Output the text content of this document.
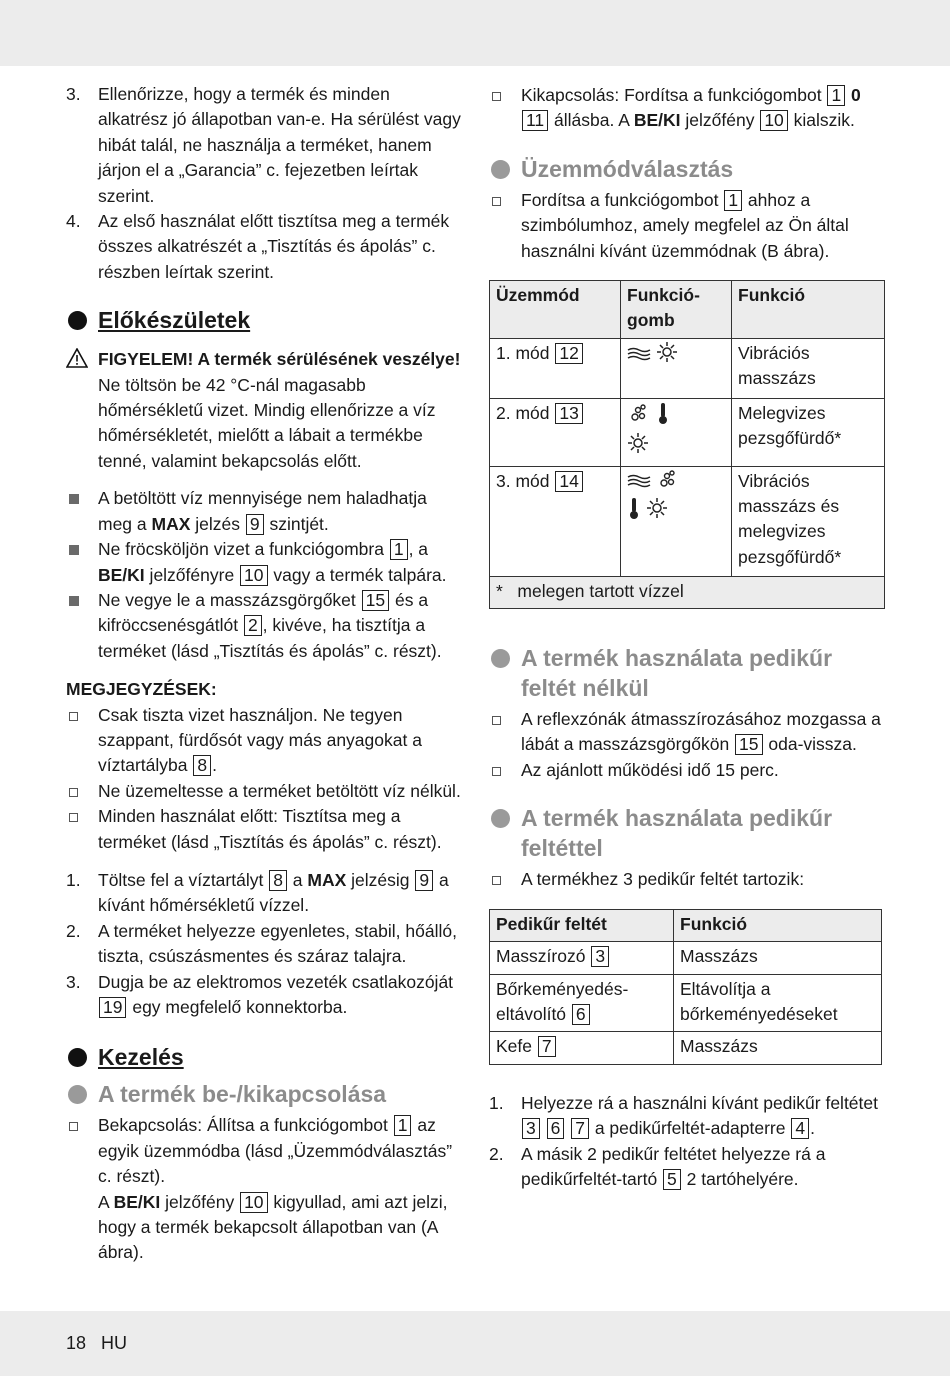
3. Ellenőrizze, hogy a termék és minden alkatrész jó állapotban van-e. Ha sérülést vagy hibát talál, ne használja a terméket, hanem járjon el a „Garancia” c. fejezetben leírtak szerint.
4. Az első használat előtt tisztítsa meg a termék összes alkatrészét a „Tisztítás és ápolás” c. részben leírtak szerint.
Előkészületek
FIGYELEM! A termék sérülésének veszélye!
Ne töltsön be 42 °C-nál magasabb hőmérsékletű vizet. Mindig ellenőrizze a víz hőmérsékletét, mielőtt a lábait a termékbe tenné, valamint bekapcsolás előtt.
A betöltött víz mennyisége nem haladhatja meg a MAX jelzés 9 szintjét.
Ne fröcsköljön vizet a funkciógombra 1 , a BE/KI jelzőfényre 10 vagy a termék talpára.
Ne vegye le a masszázsgörgőket 15 és a kifröccsenésgátlót 2 , kivéve, ha tisztítja a terméket (lásd „Tisztítás és ápolás” c. részt).
MEGJEGYZÉSEK:
Csak tiszta vizet használjon. Ne tegyen szappant, fürdősót vagy más anyagokat a víztartályba 8 .
Ne üzemeltesse a terméket betöltött víz nélkül.
Minden használat előtt: Tisztítsa meg a terméket (lásd „Tisztítás és ápolás” c. részt).
1. Töltse fel a víztartályt 8 a MAX jelzésig 9 a kívánt hőmérsékletű vízzel.
2. A terméket helyezze egyenletes, stabil, hőálló, tiszta, csúszásmentes és száraz talajra.
3. Dugja be az elektromos vezeték csatlakozóját 19 egy megfelelő konnektorba.
Kezelés
A termék be-/kikapcsolása
Bekapcsolás: Állítsa a funkciógombot 1 az egyik üzemmódba (lásd „Üzemmódválasztás” c. részt).
A BE/KI jelzőfény 10 kigyullad, ami azt jelzi, hogy a termék bekapcsolt állapotban van (A ábra).
Kikapcsolás: Fordítsa a funkciógombot 1 0
11 állásba. A BE/KI jelzőfény 10 kialszik.
Üzemmódválasztás
Fordítsa a funkciógombot 1 ahhoz a szimbólumhoz, amely megfelel az Ön által használni kívánt üzemmódnak (B ábra).
Üzemmód	Funkció-gomb	Funkció
1. mód 12		Vibrációs masszázs
2. mód 13		Melegvizes pezsgőfürdő*
3. mód 14		Vibrációs masszázs és melegvizes pezsgőfürdő*
* melegen tartott vízzel		
A termék használata pedikűr feltét nélkül
A reflexzónák átmasszírozásához mozgassa a lábát a masszázsgörgőkön 15 oda-vissza.
Az ajánlott működési idő 15 perc.
A termék használata pedikűr feltéttel
A termékhez 3 pedikűr feltét tartozik:
Pedikűr feltét	Funkció
Masszírozó 3	Masszázs
Bőrkeményedés-eltávolító 6	Eltávolítja a bőrkeményedéseket
Kefe 7	Masszázs
1. Helyezze rá a használni kívánt pedikűr feltétet 3 6 7 a pedikűrfeltét-adapterre 4 .
2. A másik 2 pedikűr feltétet helyezze rá a pedikűrfeltét-tartó 5 2 tartóhelyére.
18 HU
